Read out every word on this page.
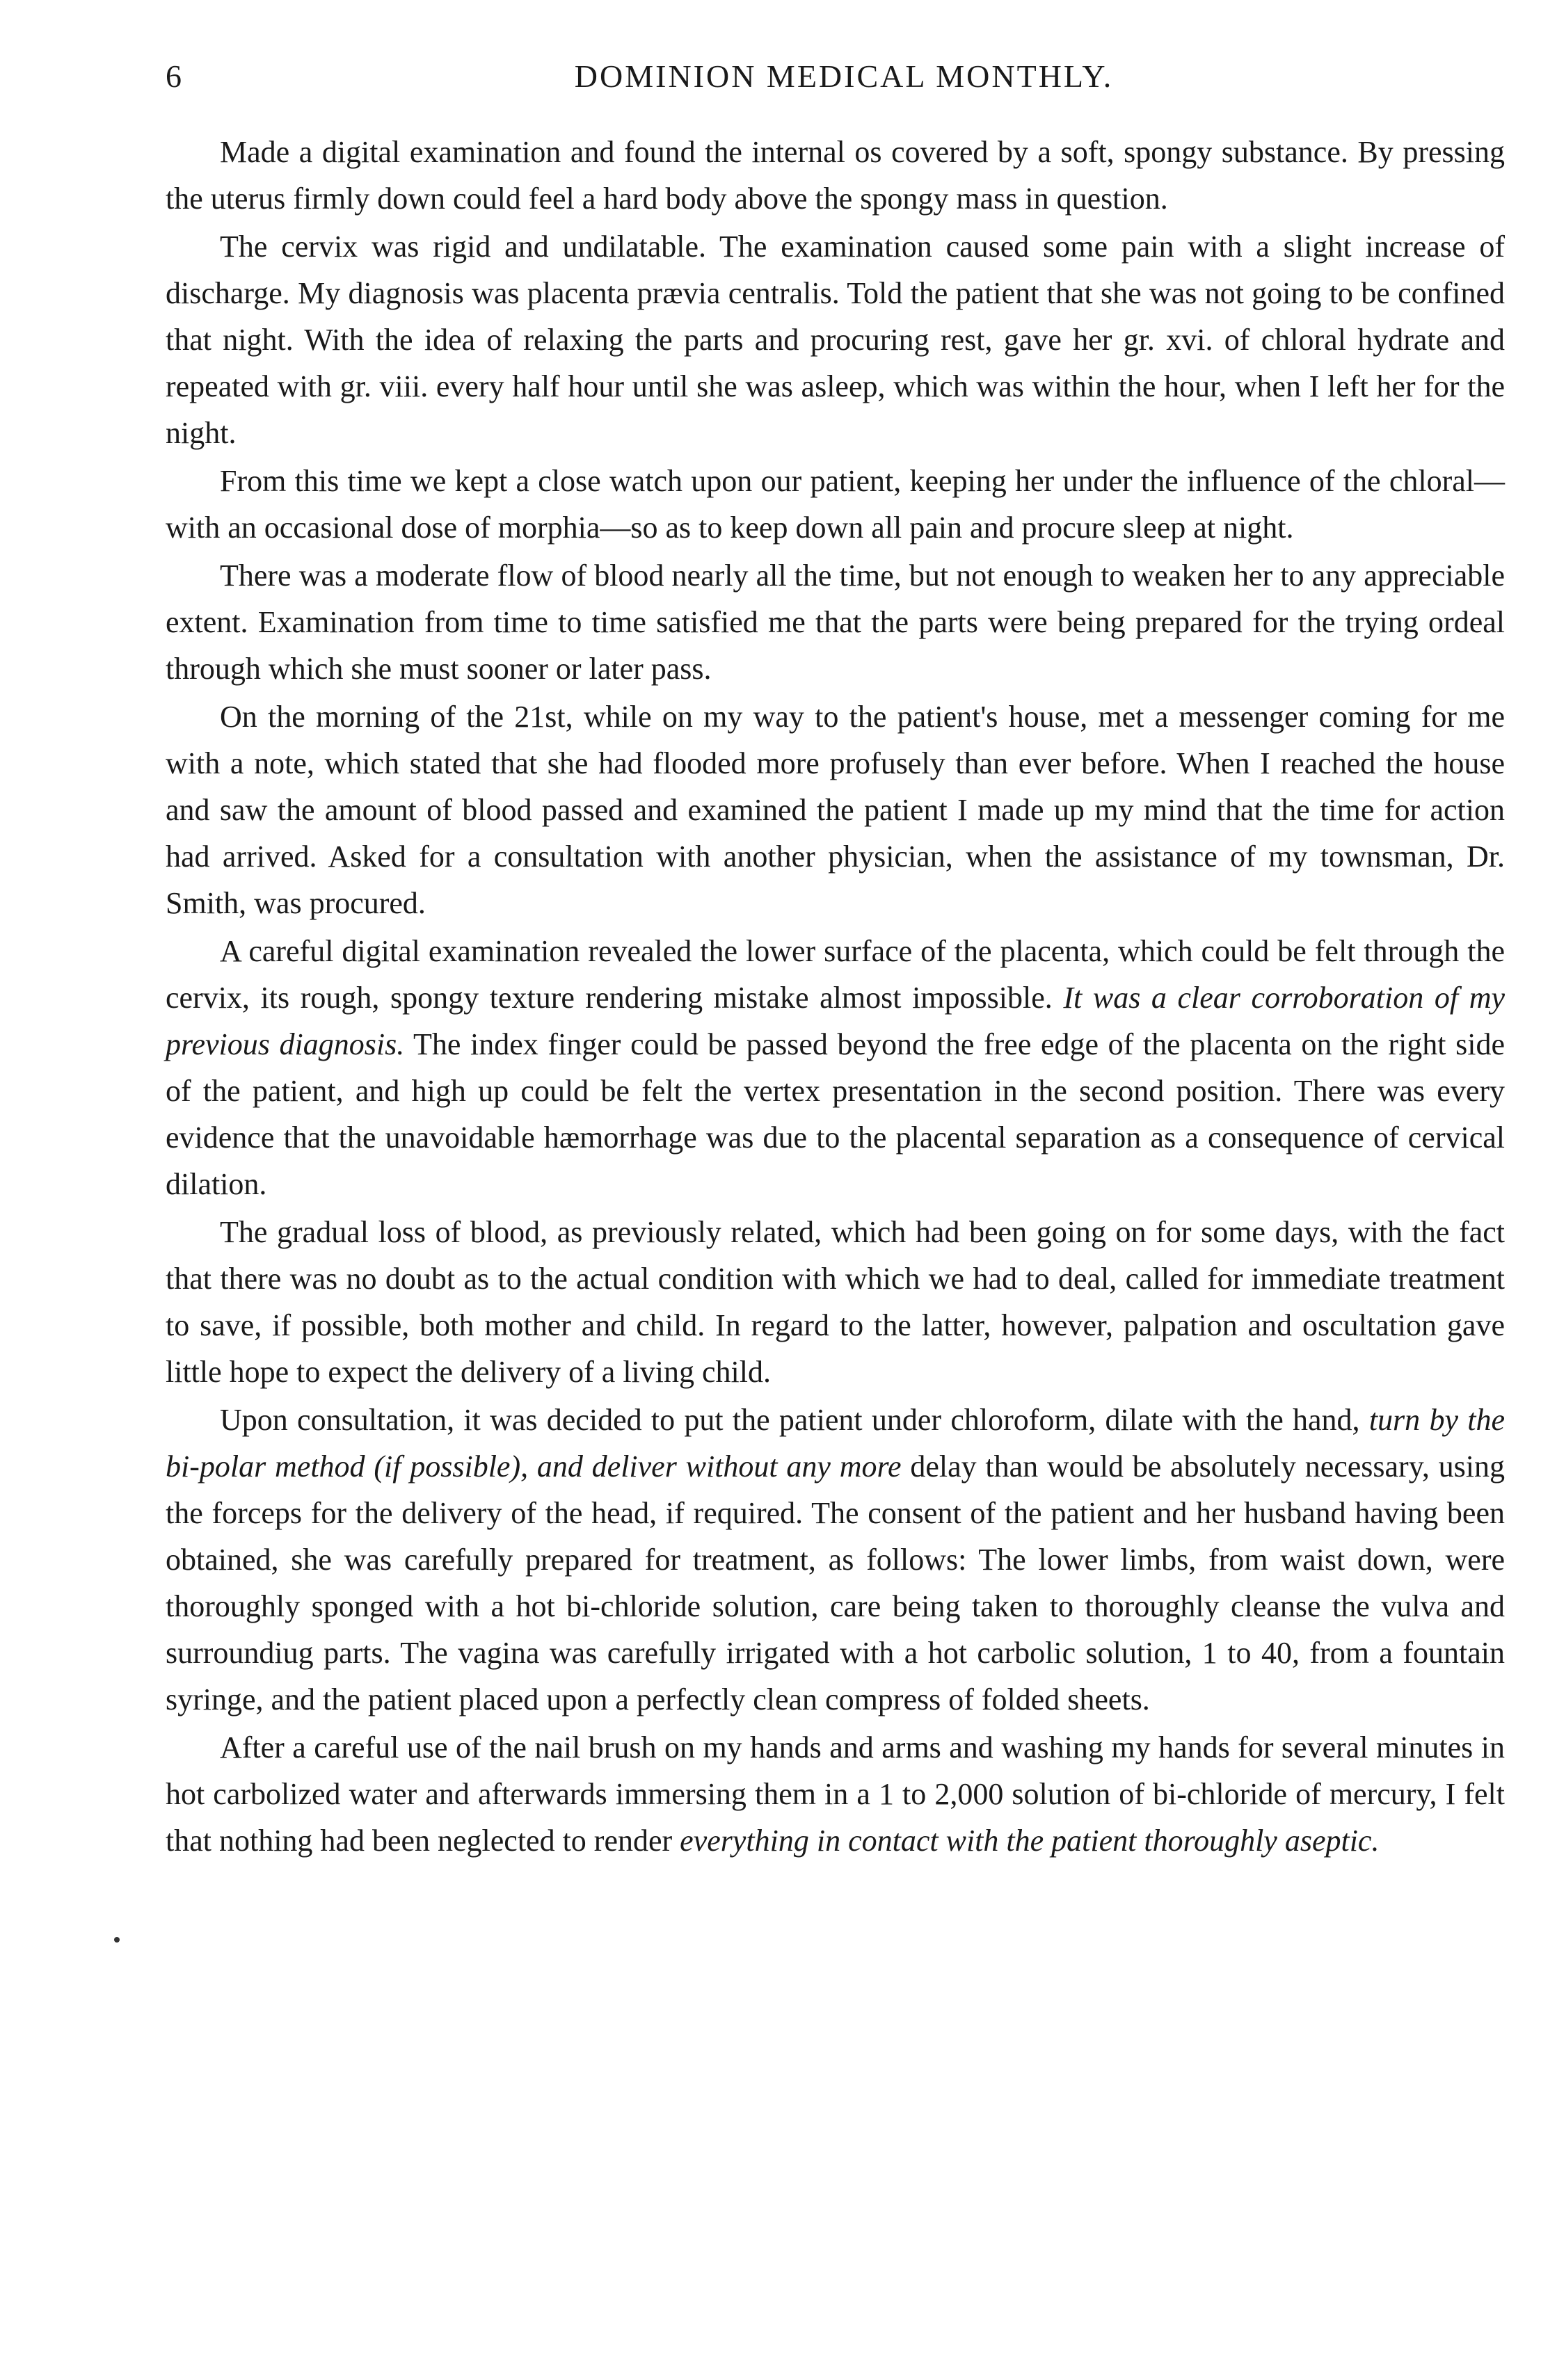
6	DOMINION MEDICAL MONTHLY.

Made a digital examination and found the internal os covered by a soft, spongy substance. By pressing the uterus firmly down could feel a hard body above the spongy mass in question.

The cervix was rigid and undilatable. The examination caused some pain with a slight increase of discharge. My diagnosis was placenta prævia centralis. Told the patient that she was not going to be confined that night. With the idea of relaxing the parts and procuring rest, gave her gr. xvi. of chloral hydrate and repeated with gr. viii. every half hour until she was asleep, which was within the hour, when I left her for the night.

From this time we kept a close watch upon our patient, keeping her under the influence of the chloral—with an occasional dose of morphia—so as to keep down all pain and procure sleep at night.

There was a moderate flow of blood nearly all the time, but not enough to weaken her to any appreciable extent. Examination from time to time satisfied me that the parts were being prepared for the trying ordeal through which she must sooner or later pass.

On the morning of the 21st, while on my way to the patient's house, met a messenger coming for me with a note, which stated that she had flooded more profusely than ever before. When I reached the house and saw the amount of blood passed and examined the patient I made up my mind that the time for action had arrived. Asked for a consultation with another physician, when the assistance of my townsman, Dr. Smith, was procured.

A careful digital examination revealed the lower surface of the placenta, which could be felt through the cervix, its rough, spongy texture rendering mistake almost impossible. It was a clear corroboration of my previous diagnosis. The index finger could be passed beyond the free edge of the placenta on the right side of the patient, and high up could be felt the vertex presentation in the second position. There was every evidence that the unavoidable hæmorrhage was due to the placental separation as a consequence of cervical dilation.

The gradual loss of blood, as previously related, which had been going on for some days, with the fact that there was no doubt as to the actual condition with which we had to deal, called for immediate treatment to save, if possible, both mother and child. In regard to the latter, however, palpation and oscultation gave little hope to expect the delivery of a living child.

Upon consultation, it was decided to put the patient under chloroform, dilate with the hand, turn by the bi-polar method (if possible), and deliver without any more delay than would be absolutely necessary, using the forceps for the delivery of the head, if required. The consent of the patient and her husband having been obtained, she was carefully prepared for treatment, as follows: The lower limbs, from waist down, were thoroughly sponged with a hot bi-chloride solution, care being taken to thoroughly cleanse the vulva and surroundiug parts. The vagina was carefully irrigated with a hot carbolic solution, 1 to 40, from a fountain syringe, and the patient placed upon a perfectly clean compress of folded sheets.

After a careful use of the nail brush on my hands and arms and washing my hands for several minutes in hot carbolized water and afterwards immersing them in a 1 to 2,000 solution of bi-chloride of mercury, I felt that nothing had been neglected to render everything in contact with the patient thoroughly aseptic.
